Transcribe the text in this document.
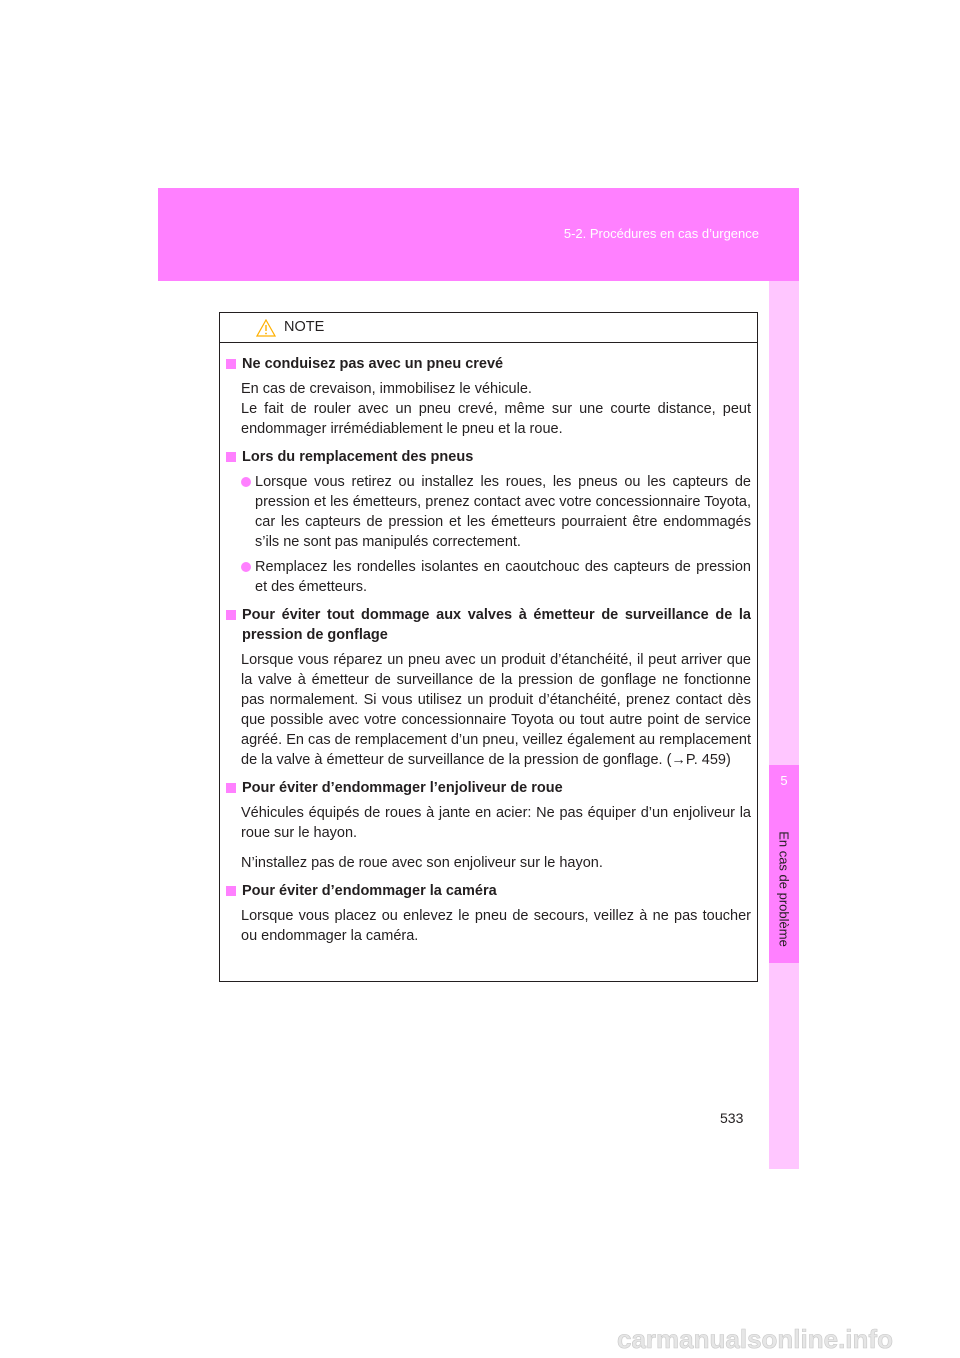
5-2. Procédures en cas d’urgence
5
En cas de problème
NOTE
Ne conduisez pas avec un pneu crevé
En cas de crevaison, immobilisez le véhicule.
Le fait de rouler avec un pneu crevé, même sur une courte distance, peut endommager irrémédiablement le pneu et la roue.
Lors du remplacement des pneus
Lorsque vous retirez ou installez les roues, les pneus ou les capteurs de pression et les émetteurs, prenez contact avec votre concessionnaire Toyota, car les capteurs de pression et les émetteurs pourraient être endommagés s’ils ne sont pas manipulés correctement.
Remplacez les rondelles isolantes en caoutchouc des capteurs de pression et des émetteurs.
Pour éviter tout dommage aux valves à émetteur de surveillance de la pression de gonflage
Lorsque vous réparez un pneu avec un produit d’étanchéité, il peut arriver que la valve à émetteur de surveillance de la pression de gonflage ne fonctionne pas normalement. Si vous utilisez un produit d’étanchéité, prenez contact dès que possible avec votre concessionnaire Toyota ou tout autre point de service agréé. En cas de remplacement d’un pneu, veillez également au remplacement de la valve à émetteur de surveillance de la pression de gonflage. (→P. 459)
Pour éviter d’endommager l’enjoliveur de roue
Véhicules équipés de roues à jante en acier: Ne pas équiper d’un enjoliveur la roue sur le hayon.
N’installez pas de roue avec son enjoliveur sur le hayon.
Pour éviter d’endommager la caméra
Lorsque vous placez ou enlevez le pneu de secours, veillez à ne pas toucher ou endommager la caméra.
533
carmanualsonline.info
